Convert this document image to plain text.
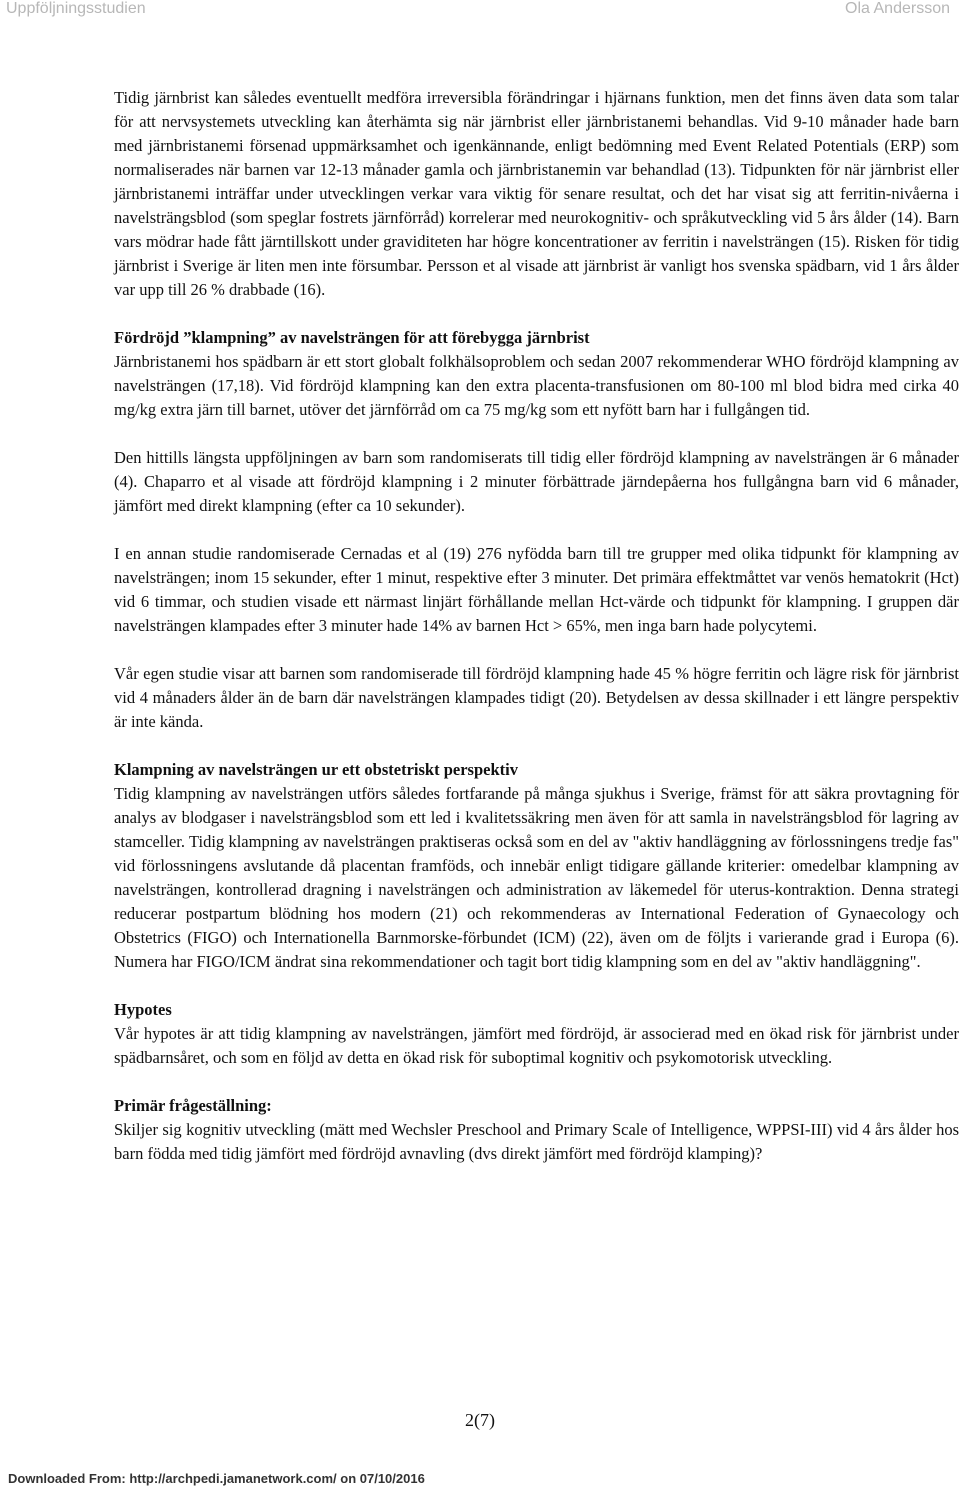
Uppföljningsstudien	Ola Andersson

Tidig järnbrist kan således eventuellt medföra irreversibla förändringar i hjärnans funktion, men det finns även data som talar för att nervsystemets utveckling kan återhämta sig när järnbrist eller järnbristanemi behandlas. Vid 9-10 månader hade barn med järnbristanemi försenad uppmärksamhet och igenkännande, enligt bedömning med Event Related Potentials (ERP) som normaliserades när barnen var 12-13 månader gamla och järnbristanemin var behandlad (13). Tidpunkten för när järnbrist eller järnbristanemi inträffar under utvecklingen verkar vara viktig för senare resultat, och det har visat sig att ferritin-nivåerna i navelsträngsblod (som speglar fostrets järnförråd) korrelerar med neurokognitiv- och språkutveckling vid 5 års ålder (14). Barn vars mödrar hade fått järntillskott under graviditeten har högre koncentrationer av ferritin i navelsträngen (15). Risken för tidig järnbrist i Sverige är liten men inte försumbar. Persson et al visade att järnbrist är vanligt hos svenska spädbarn, vid 1 års ålder var upp till 26 % drabbade (16).

Fördröjd ”klampning” av navelsträngen för att förebygga järnbrist

Järnbristanemi hos spädbarn är ett stort globalt folkhälsoproblem och sedan 2007 rekommenderar WHO fördröjd klampning av navelsträngen (17,18). Vid fördröjd klampning kan den extra placenta-transfusionen om 80-100 ml blod bidra med cirka 40 mg/kg extra järn till barnet, utöver det järnförråd om ca 75 mg/kg som ett nyfött barn har i fullgången tid.

Den hittills längsta uppföljningen av barn som randomiserats till tidig eller fördröjd klampning av navelsträngen är 6 månader (4). Chaparro et al visade att fördröjd klampning i 2 minuter förbättrade järndepåerna hos fullgångna barn vid 6 månader, jämfört med direkt klampning (efter ca 10 sekunder).

I en annan studie randomiserade Cernadas et al (19) 276 nyfödda barn till tre grupper med olika tidpunkt för klampning av navelsträngen; inom 15 sekunder, efter 1 minut, respektive efter 3 minuter. Det primära effektmåttet var venös hematokrit (Hct) vid 6 timmar, och studien visade ett närmast linjärt förhållande mellan Hct-värde och tidpunkt för klampning. I gruppen där navelsträngen klampades efter 3 minuter hade 14% av barnen Hct > 65%, men inga barn hade polycytemi.

Vår egen studie visar att barnen som randomiserade till fördröjd klampning hade 45 % högre ferritin och lägre risk för järnbrist vid 4 månaders ålder än de barn där navelsträngen klampades tidigt (20). Betydelsen av dessa skillnader i ett längre perspektiv är inte kända.

Klampning av navelsträngen ur ett obstetriskt perspektiv

Tidig klampning av navelsträngen utförs således fortfarande på många sjukhus i Sverige, främst för att säkra provtagning för analys av blodgaser i navelsträngsblod som ett led i kvalitetssäkring men även för att samla in navelsträngsblod för lagring av stamceller. Tidig klampning av navelsträngen praktiseras också som en del av "aktiv handläggning av förlossningens tredje fas" vid förlossningens avslutande då placentan framföds, och innebär enligt tidigare gällande kriterier: omedelbar klampning av navelsträngen, kontrollerad dragning i navelsträngen och administration av läkemedel för uterus-kontraktion. Denna strategi reducerar postpartum blödning hos modern (21) och rekommenderas av International Federation of Gynaecology och Obstetrics (FIGO) och Internationella Barnmorske-förbundet (ICM) (22), även om de följts i varierande grad i Europa (6). Numera har FIGO/ICM ändrat sina rekommendationer och tagit bort tidig klampning som en del av "aktiv handläggning".

Hypotes

Vår hypotes är att tidig klampning av navelsträngen, jämfört med fördröjd, är associerad med en ökad risk för järnbrist under spädbarnsåret, och som en följd av detta en ökad risk för suboptimal kognitiv och psykomotorisk utveckling.

Primär frågeställning:

Skiljer sig kognitiv utveckling (mätt med Wechsler Preschool and Primary Scale of Intelligence, WPPSI-III) vid 4 års ålder hos barn födda med tidig jämfört med fördröjd avnavling (dvs direkt jämfört med fördröjd klamping)?

2(7)
Downloaded From: http://archpedi.jamanetwork.com/ on 07/10/2016
